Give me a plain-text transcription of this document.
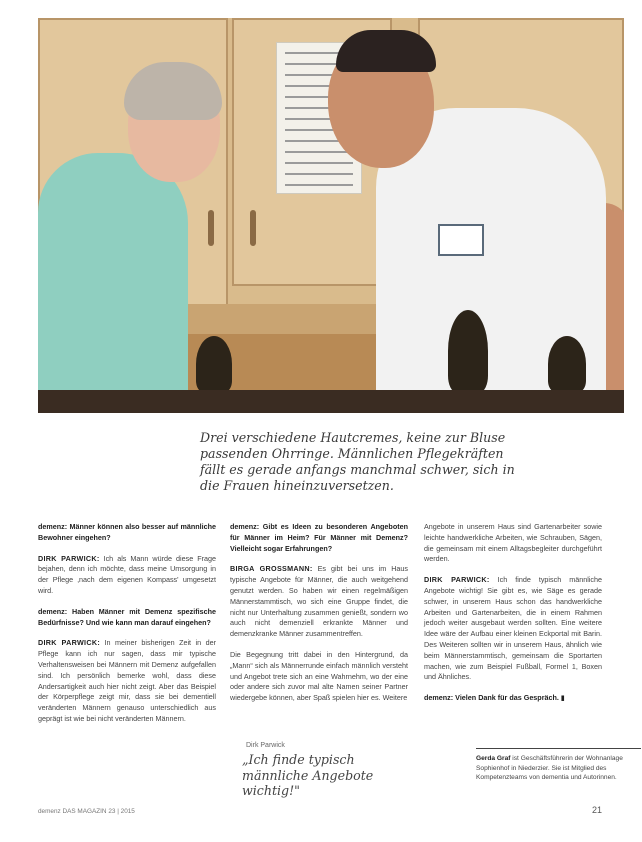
Drei verschiedene Hautcremes, keine zur Bluse
passenden Ohrringe. Männlichen Pflegekräften
fällt es gerade anfangs manchmal schwer, sich in
die Frauen hineinzuversetzen.

demenz: Männer können also besser auf männliche Bewohner eingehen?

DIRK PARWICK: Ich als Mann würde diese Frage bejahen, denn ich möchte, dass meine Umsorgung in der Pflege ‚nach dem eigenen Kompass' umgesetzt wird.

demenz: Haben Männer mit Demenz spezifische Bedürfnisse? Und wie kann man darauf eingehen?

DIRK PARWICK: In meiner bisherigen Zeit in der Pflege kann ich nur sagen, dass mir typische Verhaltensweisen bei Männern mit Demenz aufgefallen sind. Ich persönlich bemerke wohl, dass diese Andersartigkeit auch hier nicht zeigt. Aber das Beispiel der Körperpflege zeigt mir, dass sie bei dementiell veränderten Männern genauso unterschiedlich aus geprägt ist wie bei nicht veränderten Männern.

demenz: Gibt es Ideen zu besonderen Angeboten für Männer im Heim? Für Männer mit Demenz? Vielleicht sogar Erfahrungen?

BIRGA GROSSMANN: Es gibt bei uns im Haus typische Angebote für Männer, die auch weitgehend genutzt werden. So haben wir einen regelmäßigen Männerstammtisch, wo sich eine Gruppe findet, die nicht nur Unterhaltung zusammen genießt, sondern wo auch nicht demenziell erkrankte Männer und demenzkranke Männer zusammentreffen.

Die Begegnung tritt dabei in den Hintergrund, da „Mann“ sich als Männerrunde einfach männlich versteht und Angebot trete sich an eine Wahrnehm, wo der eine oder andere sich zuvor mal alte Namen seiner Partner wiedergebe können, aber Spaß spielen hier es. Weitere

Dirk Parwick

„Ich finde typisch männliche Angebote wichtig!"

Angebote in unserem Haus sind Gartenarbeiter sowie leichte handwerkliche Arbeiten, wie Schrauben, Sägen, die gemeinsam mit einem Alltagsbegleiter durchgeführt werden.

DIRK PARWICK: Ich finde typisch männliche Angebote wichtig! Sie gibt es, wie Säge es gerade schwer, in unserem Haus schon das handwerkliche Arbeiten und Gartenarbeiten, die in einem Rahmen jedoch weiter ausgebaut werden sollten. Eine weitere Idee wäre der Aufbau einer kleinen Eckportal mit Barin. Des Weiteren sollten wir in unserem Haus, ähnlich wie beim Männerstammtisch, gemeinsam die Sportarten machen, wie zum Beispiel Fußball, Formel 1, Boxen und Ähnliches.

demenz: Vielen Dank für das Gespräch. ▮

Gerda Graf ist Geschäftsführerin der Wohnanlage Sophienhof in Niederzier. Sie ist Mitglied des Kompetenzteams von dementia und Autorinnen.

demenz DAS MAGAZIN 23 | 2015	21
